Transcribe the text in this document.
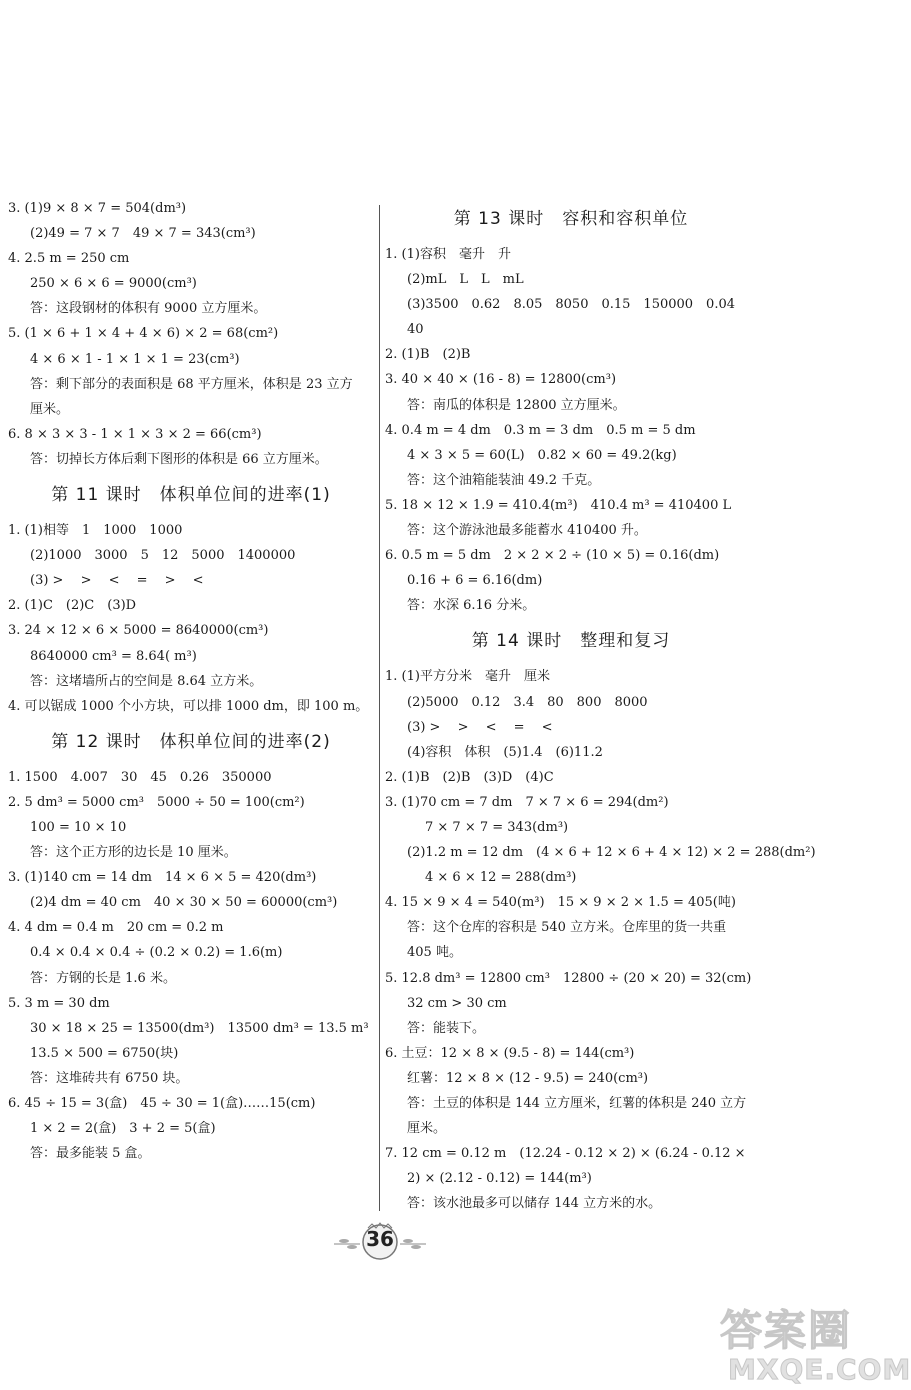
3. (1)9 × 8 × 7 = 504(dm³)
(2)49 = 7 × 7　49 × 7 = 343(cm³)
4. 2.5 m = 250 cm
250 × 6 × 6 = 9000(cm³)
答：这段钢材的体积有 9000 立方厘米。
5. (1 × 6 + 1 × 4 + 4 × 6) × 2 = 68(cm²)
4 × 6 × 1 - 1 × 1 × 1 = 23(cm³)
答：剩下部分的表面积是 68 平方厘米，体积是 23 立方
厘米。
6. 8 × 3 × 3 - 1 × 1 × 3 × 2 = 66(cm³)
答：切掉长方体后剩下图形的体积是 66 立方厘米。
第 11 课时　体积单位间的进率(1)
1. (1)相等　1　1000　1000
(2)1000　3000　5　12　5000　1400000
(3) >　 >　 <　 =　 >　 <
2. (1)C　(2)C　(3)D
3. 24 × 12 × 6 × 5000 = 8640000(cm³)
8640000 cm³ = 8.64( m³)
答：这堵墙所占的空间是 8.64 立方米。
4. 可以锯成 1000 个小方块，可以排 1000 dm，即 100 m。
第 12 课时　体积单位间的进率(2)
1. 1500　4.007　30　45　0.26　350000
2. 5 dm³ = 5000 cm³　5000 ÷ 50 = 100(cm²)
100 = 10 × 10
答：这个正方形的边长是 10 厘米。
3. (1)140 cm = 14 dm　14 × 6 × 5 = 420(dm³)
(2)4 dm = 40 cm　40 × 30 × 50 = 60000(cm³)
4. 4 dm = 0.4 m　20 cm = 0.2 m
0.4 × 0.4 × 0.4 ÷ (0.2 × 0.2) = 1.6(m)
答：方钢的长是 1.6 米。
5. 3 m = 30 dm
30 × 18 × 25 = 13500(dm³)　13500 dm³ = 13.5 m³
13.5 × 500 = 6750(块)
答：这堆砖共有 6750 块。
6. 45 ÷ 15 = 3(盒)　45 ÷ 30 = 1(盒)……15(cm)
1 × 2 = 2(盒)　3 + 2 = 5(盒)
答：最多能装 5 盒。
第 13 课时　容积和容积单位
1. (1)容积　毫升　升
(2)mL　L　L　mL
(3)3500　0.62　8.05　8050　0.15　150000　0.04
40
2. (1)B　(2)B
3. 40 × 40 × (16 - 8) = 12800(cm³)
答：南瓜的体积是 12800 立方厘米。
4. 0.4 m = 4 dm　0.3 m = 3 dm　0.5 m = 5 dm
4 × 3 × 5 = 60(L)　0.82 × 60 = 49.2(kg)
答：这个油箱能装油 49.2 千克。
5. 18 × 12 × 1.9 = 410.4(m³)　410.4 m³ = 410400 L
答：这个游泳池最多能蓄水 410400 升。
6. 0.5 m = 5 dm　2 × 2 × 2 ÷ (10 × 5) = 0.16(dm)
0.16 + 6 = 6.16(dm)
答：水深 6.16 分米。
第 14 课时　整理和复习
1. (1)平方分米　毫升　厘米
(2)5000　0.12　3.4　80　800　8000
(3) >　 >　 <　 =　 <
(4)容积　体积　(5)1.4　(6)11.2
2. (1)B　(2)B　(3)D　(4)C
3. (1)70 cm = 7 dm　7 × 7 × 6 = 294(dm²)
7 × 7 × 7 = 343(dm³)
(2)1.2 m = 12 dm　(4 × 6 + 12 × 6 + 4 × 12) × 2 = 288(dm²)
4 × 6 × 12 = 288(dm³)
4. 15 × 9 × 4 = 540(m³)　15 × 9 × 2 × 1.5 = 405(吨)
答：这个仓库的容积是 540 立方米。仓库里的货一共重
405 吨。
5. 12.8 dm³ = 12800 cm³　12800 ÷ (20 × 20) = 32(cm)
32 cm > 30 cm
答：能装下。
6. 土豆：12 × 8 × (9.5 - 8) = 144(cm³)
红薯：12 × 8 × (12 - 9.5) = 240(cm³)
答：土豆的体积是 144 立方厘米，红薯的体积是 240 立方
厘米。
7. 12 cm = 0.12 m　(12.24 - 0.12 × 2) × (6.24 - 0.12 ×
2) × (2.12 - 0.12) = 144(m³)
答：该水池最多可以储存 144 立方米的水。
36
答案圈
MXQE.COM
